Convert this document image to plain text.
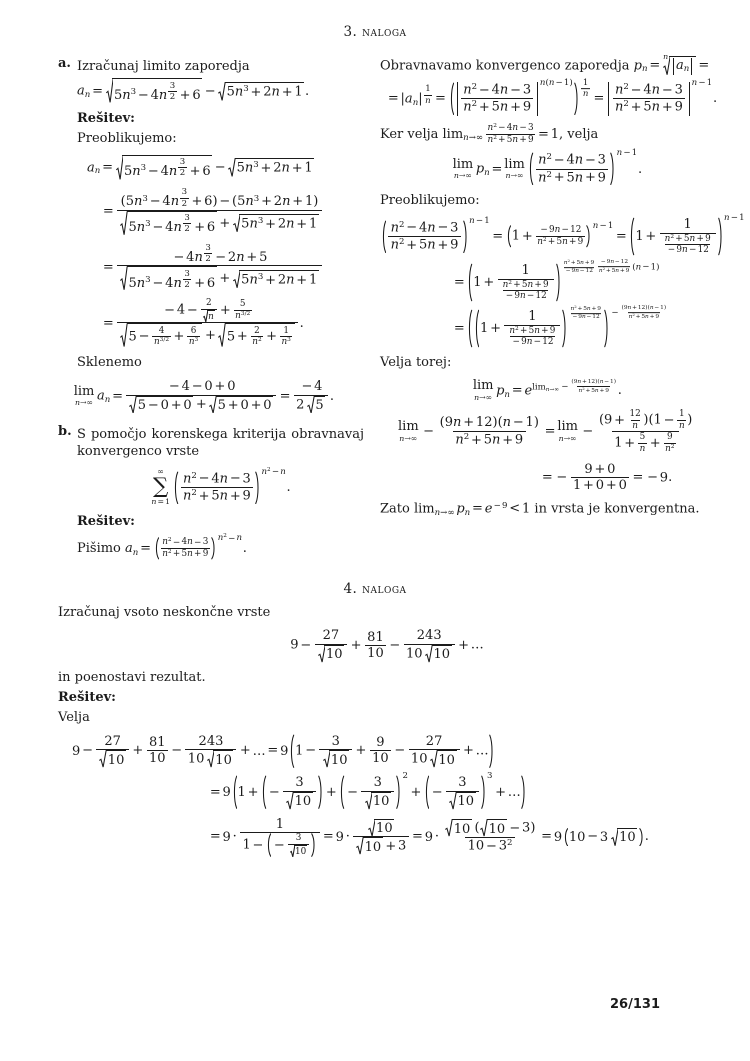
3. naloga
a. Izračunaj limito zaporedja

an = $5n^3 - 4n$ $^{\frac{3}{2}} + 6 - 5n^3 + 2n + 1$ .

Rešitev:

Preoblikujemo:

an = $5n^3 - 4n$ $^{\frac{3}{2}} + 6 - 5n^3 + 2n + 1$
= ($5n^3 - 4n$ $^{\frac{3}{2}} + 6) - (5n^3 + 2n + 1)$
$5n^3 - 4n$ $^{\frac{3}{2}} + 6 + 5n^3 + 2n + 1$
= − 4n $^{\frac{3}{2}}$ − 2n + 5
$5n^3 - 4n$ $^{\frac{3}{2}} + 6 + 5n^3 + 2n + 1$
= $\frac{- 4 - \frac{2}{n} + \frac{5}{n^{3/2}}}{5 - \frac{4}{n^{3/2}} + \frac{6}{n^3} + 5 + \frac{2}{n^2} + \frac{1}{n^3}}$ .

Sklenemo

lim
n→∞ an = $\frac{- 4 - 0 + 0}{5 - 0 + 0 + 5 + 0 + 0} = \frac{- 4}{2 5}$ .
b. S pomočjo korenskega kriterija obravnavaj konvergenco vrste

∞
∑
$n=1 \frac{n^2 - 4n - 3}{n^2 + 5n + 9} n^2-n$
.

Rešitev:

Pišimo an = $\frac{n^2-4n-3}{n^2+5n+9} n^2-n$
.
Obravnavamo konvergenco zaporedja pn =
n
an =
= |an| $^{\frac{1}{n}} = \frac{n^2 - 4n - 3}{n^2 + 5n + 9} n(n-1) \frac{1}{n} = \frac{n^2 - 4n - 3}{n^2 + 5n + 9} n-1$
.
Ker velja $\lim n\to\infty \frac{n^2-4n-3}{n^2+5n+9} = 1$, velja
lim
n→∞ pn = lim
$n\to\infty \frac{n^2 - 4n - 3}{n^2 + 5n + 9} n-1$
.

Preoblikujemo:

$\frac{n^2 - 4n - 3}{n^2 + 5n + 9} n-1$
= $1 + \frac{-9n-12}{n^2+5n+9} n-1$
= $1 + \frac{1}{\frac{n^2+5n+9}{-9n-12}} n-1$
= $1 + \frac{1}{\frac{n^2+5n+9}{-9n-12}} \frac{n^2+5n+9}{-9n-12} \frac{-9n-12}{n^2+5n+9} (n-1)$
= $1 + \frac{1}{\frac{n^2+5n+9}{-9n-12}} \frac{n^2+5n+9}{-9n-12} - \frac{(9n+12)(n-1)}{n^2+5n+9}$

Velja torej:

lim
n→∞ pn = $e^{limn\to\infty - \frac{(9n+12)(n-1)}{n^2+5n+9}}$ .
lim
$n\to\infty - \frac{(9n + 12)(n - 1)}{n^2 + 5n + 9} = \lim$
$n\to\infty - \frac{(9 + \frac{12}{n} )(1 - \frac{1}{n} )}{1 + \frac{5}{n} + \frac{9}{n^2}}$
= − $\frac{9 + 0}{1 + 0 + 0}$ = − 9.
Zato limn→∞ pn = $e^{-9} < 1$ in vrsta je konvergentna.
4. naloga

Izračunaj vsoto neskončne vrste

$9 - \frac{27}{10} + \frac{81}{10} - \frac{243}{10 10}$ + …

in poenostavi rezultat.

Rešitev:

Velja

$9 - \frac{27}{10} + \frac{81}{10} - \frac{243}{10 10}$ + … = 9 $1 - \frac{3}{10} + \frac{9}{10} - \frac{27}{10 10}$ + …
= 9 1 + − $\frac{3}{10}$ + − $\frac{3}{10} 2$
+ − $\frac{3}{10} 3$
+ …
= $9 \cdot \frac{1}{1 - - \frac{3}{10}} = 9 \cdot \frac{10}{10 + 3} = 9 \cdot \frac{10 ( 10 - 3)}{10 - 3^2} = 9$ 10 − 3 10 .
26/131
